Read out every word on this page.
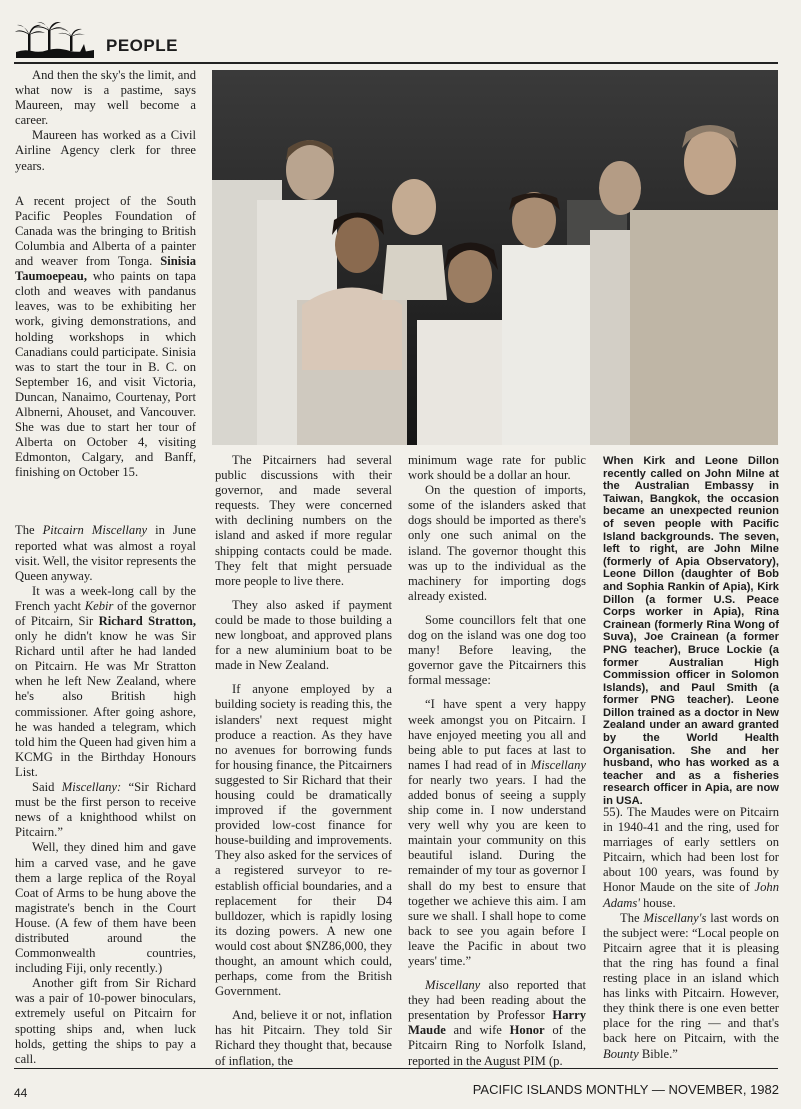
PEOPLE

And then the sky's the limit, and what now is a pastime, says Maureen, may well become a career.

Maureen has worked as a Civil Airline Agency clerk for three years.

A recent project of the South Pacific Peoples Foundation of Canada was the bringing to British Columbia and Alberta of a painter and weaver from Tonga. Sinisia Taumoepeau, who paints on tapa cloth and weaves with pandanus leaves, was to be exhibiting her work, giving demonstrations, and holding workshops in which Canadians could participate. Sinisia was to start the tour in B. C. on September 16, and visit Victoria, Duncan, Nanaimo, Courtenay, Port Albnerni, Ahouset, and Vancouver. She was due to start her tour of Alberta on October 4, visiting Edmonton, Calgary, and Banff, finishing on October 15.

The Pitcairn Miscellany in June reported what was almost a royal visit. Well, the visitor represents the Queen anyway.

It was a week-long call by the French yacht Kebir of the governor of Pitcairn, Sir Richard Stratton, only he didn't know he was Sir Richard until after he had landed on Pitcairn. He was Mr Stratton when he left New Zealand, where he's also British high commissioner. After going ashore, he was handed a telegram, which told him the Queen had given him a KCMG in the Birthday Honours List.

Said Miscellany: “Sir Richard must be the first person to receive news of a knighthood whilst on Pitcairn.”

Well, they dined him and gave him a carved vase, and he gave them a large replica of the Royal Coat of Arms to be hung above the magistrate's bench in the Court House. (A few of them have been distributed around the Commonwealth countries, including Fiji, only recently.)

Another gift from Sir Richard was a pair of 10-power binoculars, extremely useful on Pitcairn for spotting ships and, when luck holds, getting the ships to pay a call.

The Pitcairners had several public discussions with their governor, and made several requests. They were concerned with declining numbers on the island and asked if more regular shipping contacts could be made. They felt that might persuade more people to live there.

They also asked if payment could be made to those building a new longboat, and approved plans for a new aluminium boat to be made in New Zealand.

If anyone employed by a building society is reading this, the islanders' next request might produce a reaction. As they have no avenues for borrowing funds for housing finance, the Pitcairners suggested to Sir Richard that their housing could be dramatically improved if the government provided low-cost finance for house-building and improvements. They also asked for the services of a registered surveyor to re-establish official boundaries, and a replacement for their D4 bulldozer, which is rapidly losing its dozing powers. A new one would cost about $NZ86,000, they thought, an amount which could, perhaps, come from the British Government.

And, believe it or not, inflation has hit Pitcairn. They told Sir Richard they thought that, because of inflation, the

minimum wage rate for public work should be a dollar an hour.

On the question of imports, some of the islanders asked that dogs should be imported as there's only one such animal on the island. The governor thought this was up to the individual as the machinery for importing dogs already existed.

Some councillors felt that one dog on the island was one dog too many! Before leaving, the governor gave the Pitcairners this formal message:

“I have spent a very happy week amongst you on Pitcairn. I have enjoyed meeting you all and being able to put faces at last to names I had read of in Miscellany for nearly two years. I had the added bonus of seeing a supply ship come in. I now understand very well why you are keen to maintain your community on this beautiful island. During the remainder of my tour as governor I shall do my best to ensure that together we achieve this aim. I am sure we shall. I shall hope to come back to see you again before I leave the Pacific in about two years' time.”

Miscellany also reported that they had been reading about the presentation by Professor Harry Maude and wife Honor of the Pitcairn Ring to Norfolk Island, reported in the August PIM (p.

When Kirk and Leone Dillon recently called on John Milne at the Australian Embassy in Taiwan, Bangkok, the occasion became an unexpected reunion of seven people with Pacific Island backgrounds. The seven, left to right, are John Milne (formerly of Apia Observatory), Leone Dillon (daughter of Bob and Sophia Rankin of Apia), Kirk Dillon (a former U.S. Peace Corps worker in Apia), Rina Crainean (formerly Rina Wong of Suva), Joe Crainean (a former PNG teacher), Bruce Lockie (a former Australian High Commission officer in Solomon Islands), and Paul Smith (a former PNG teacher). Leone Dillon trained as a doctor in New Zealand under an award granted by the World Health Organisation. She and her husband, who has worked as a teacher and as a fisheries research officer in Apia, are now in USA.

55). The Maudes were on Pitcairn in 1940-41 and the ring, used for marriages of early settlers on Pitcairn, which had been lost for about 100 years, was found by Honor Maude on the site of John Adams' house.

The Miscellany's last words on the subject were: “Local people on Pitcairn agree that it is pleasing that the ring has found a final resting place in an island which has links with Pitcairn. However, they think there is one even better place for the ring — and that's back here on Pitcairn, with the Bounty Bible.”

44	PACIFIC ISLANDS MONTHLY — NOVEMBER, 1982
